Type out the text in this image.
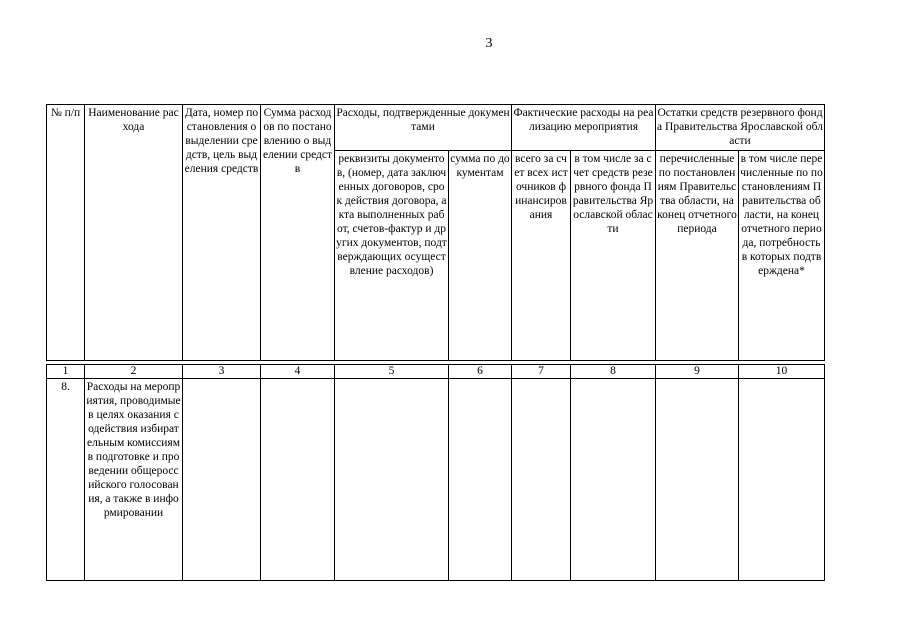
3
№ п/п	Наименование расхода	Дата, номер постановления о выделении средств, цель выделения средств	Сумма расходов по постановлению о выделении средств	Расходы, подтвержденные документами		Фактические расходы на реализацию мероприятия		Остатки средств резервного фонда Правительства Ярославской области	
				реквизиты документов, (номер, дата заключенных договоров, срок действия договора, акта выполненных работ, счетов-фактур и других документов, подтверждающих осуществление расходов)	сумма по документам	всего за счет всех источников финансирования	в том числе за счет средств резервного фонда Правительства Ярославской области	перечисленные по постановлениям Правительства области, на конец отчетного периода	в том числе перечисленные по постановлениям Правительства области, на конец отчетного периода, потребность в которых подтверждена*

1	2	3	4	5	6	7	8	9	10
8.	Расходы на мероприятия, проводимые в целях оказания содействия избирательным комиссиям в подготовке и проведении общероссийского голосования, а также в информировании								
